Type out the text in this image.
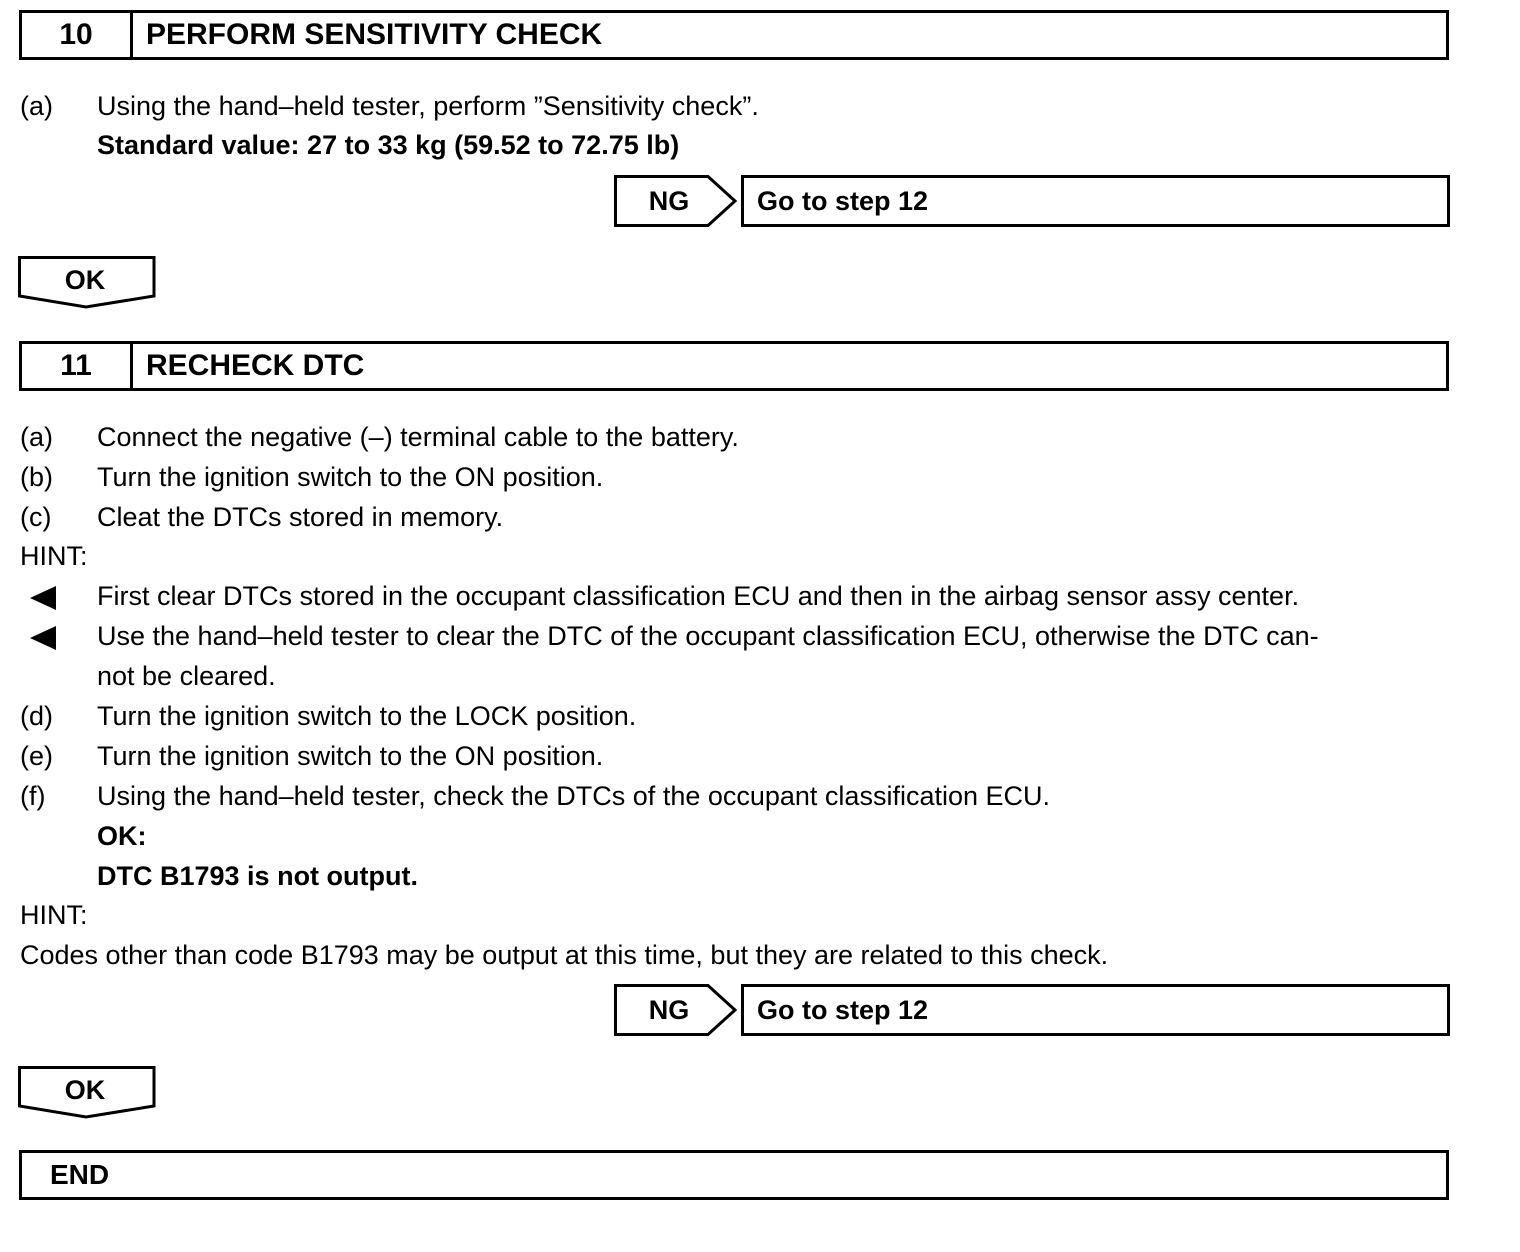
10	PERFORM SENSITIVITY CHECK
(a) Using the hand–held tester, perform ”Sensitivity check”.
Standard value: 27 to 33 kg (59.52 to 72.75 lb)
NG	Go to step 12
OK
11	RECHECK DTC
(a) Connect the negative (–) terminal cable to the battery.
(b) Turn the ignition switch to the ON position.
(c) Cleat the DTCs stored in memory.
HINT:
First clear DTCs stored in the occupant classification ECU and then in the airbag sensor assy center.
Use the hand–held tester to clear the DTC of the occupant classification ECU, otherwise the DTC can-
not be cleared.
(d) Turn the ignition switch to the LOCK position.
(e) Turn the ignition switch to the ON position.
(f) Using the hand–held tester, check the DTCs of the occupant classification ECU.
OK:
DTC B1793 is not output.
HINT:
Codes other than code B1793 may be output at this time, but they are related to this check.
NG	Go to step 12
OK
END
